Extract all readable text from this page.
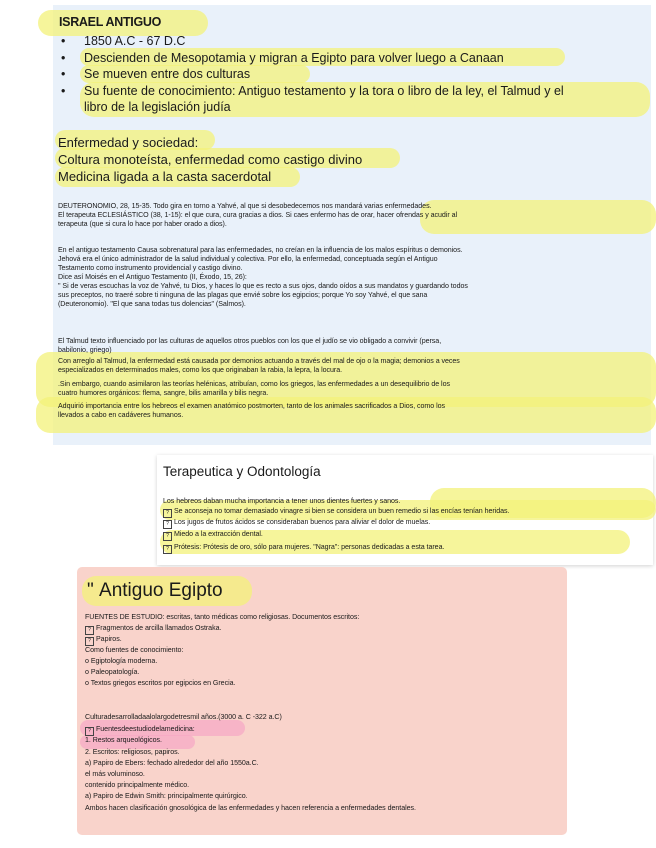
ISRAEL ANTIGUO
• 1850 A.C - 67 D.C
• Descienden de Mesopotamia y migran a Egipto para volver luego a Canaan
• Se mueven entre dos culturas
• Su fuente de conocimiento: Antiguo testamento y la tora o libro de la ley, el Talmud y el
libro de la legislación judía
Enfermedad y sociedad:
Coltura monoteísta, enfermedad como castigo divino
Medicina ligada a la casta sacerdotal
DEUTERONOMIO, 28, 15-35. Todo gira en torno a Yahvé, al que si desobedecemos nos mandará varias enfermedades.
El terapeuta ECLESIÁSTICO (38, 1-15): el que cura, cura gracias a dios. Si caes enfermo has de orar, hacer ofrendas y acudir al
terapeuta (que si cura lo hace por haber orado a dios).
En el antiguo testamento Causa sobrenatural para las enfermedades, no creían en la influencia de los malos espíritus o demonios.
Jehová era el único administrador de la salud individual y colectiva. Por ello, la enfermedad, conceptuada según el Antiguo
Testamento como instrumento providencial y castigo divino.
Dice así Moisés en el Antiguo Testamento (II, Éxodo, 15, 26):
" Si de veras escuchas la voz de Yahvé, tu Dios, y haces lo que es recto a sus ojos, dando oídos a sus mandatos y guardando todos
sus preceptos, no traeré sobre ti ninguna de las plagas que envié sobre los egipcios; porque Yo soy Yahvé, el que sana
(Deuteronomio). "El que sana todas tus dolencias" (Salmos).
El Talmud texto influenciado por las culturas de aquellos otros pueblos con los que el judío se vio obligado a convivir (persa,
babilonio, griego)
Con arreglo al Talmud, la enfermedad está causada por demonios actuando a través del mal de ojo o la magia; demonios a veces
especializados en determinados males, como los que originaban la rabia, la lepra, la locura.
.Sin embargo, cuando asimilaron las teorías helénicas, atribuían, como los griegos, las enfermedades a un desequilibrio de los
cuatro humores orgánicos: flema, sangre, bilis amarilla y bilis negra.
Adquirió importancia entre los hebreos el examen anatómico postmorten, tanto de los animales sacrificados a Dios, como los
llevados a cabo en cadáveres humanos.
Terapeutica y Odontología
Los hebreos daban mucha importancia a tener unos dientes fuertes y sanos.
? Se aconseja no tomar demasiado vinagre si bien se considera un buen remedio si las encías tenían heridas.
? Los jugos de frutos ácidos se consideraban buenos para aliviar el dolor de muelas.
? Miedo a la extracción dental.
? Prótesis: Prótesis de oro, sólo para mujeres. "Nagra": personas dedicadas a esta tarea.
" Antiguo Egipto
FUENTES DE ESTUDIO: escritas, tanto médicas como religiosas. Documentos escritos:
? Fragmentos de arcilla llamados Ostraka.
? Papiros.
Como fuentes de conocimiento:
o Egiptología moderna.
o Paleopatología.
o Textos griegos escritos por egipcios en Grecia.
Culturadesarrolladaalolargodetresmil años.(3000 a. C -322 a.C)
? Fuentesdeestudiodelamedicina:
1. Restos arqueológicos.
2. Escritos: religiosos, papiros.
a) Papiro de Ebers: fechado alrededor del año 1550a.C.
el más voluminoso.
contenido principalmente médico.
a) Papiro de Edwin Smith: principalmente quirúrgico.
Ambos hacen clasificación gnosológica de las enfermedades y hacen referencia a enfermedades dentales.
